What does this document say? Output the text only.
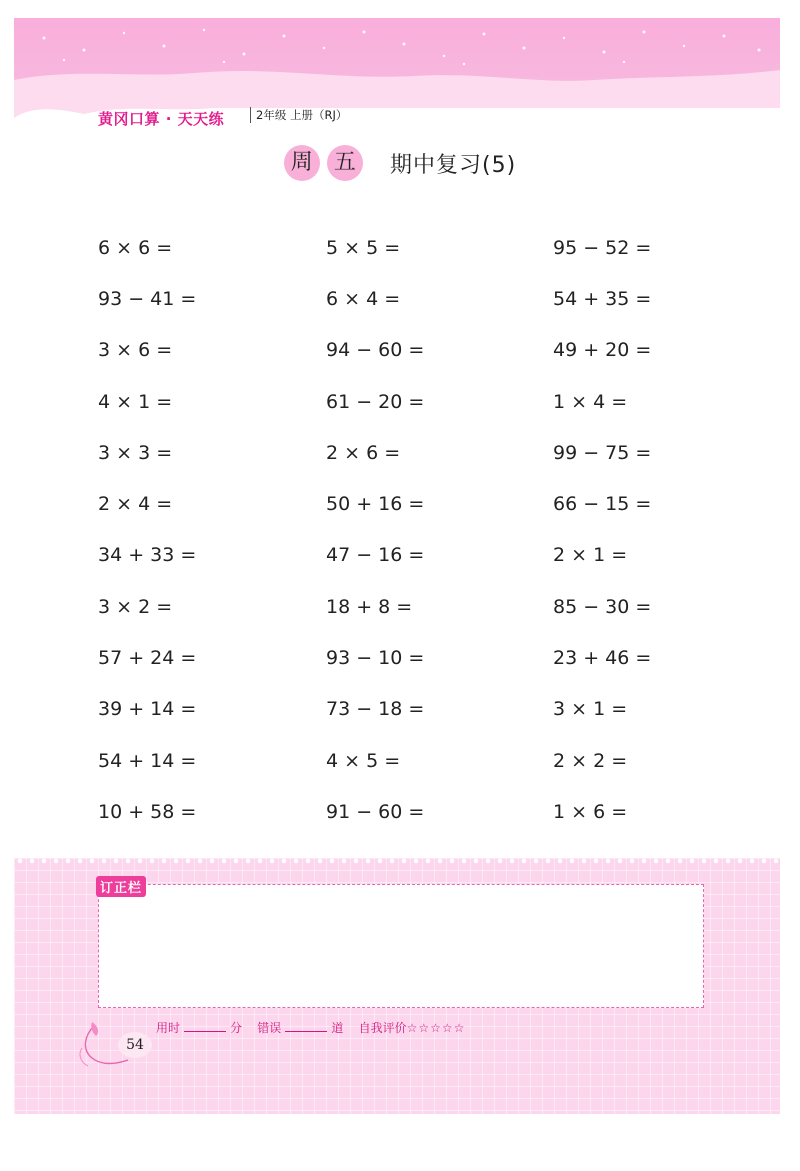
黄冈口算 · 天天练	2年级 上册（RJ）
周 五 期中复习(5)
6 × 6 =	5 × 5 =	95 − 52 =
93 − 41 =	6 × 4 =	54 + 35 =
3 × 6 =	94 − 60 =	49 + 20 =
4 × 1 =	61 − 20 =	1 × 4 =
3 × 3 =	2 × 6 =	99 − 75 =
2 × 4 =	50 + 16 =	66 − 15 =
34 + 33 =	47 − 16 =	2 × 1 =
3 × 2 =	18 + 8 =	85 − 30 =
57 + 24 =	93 − 10 =	23 + 46 =
39 + 14 =	73 − 18 =	3 × 1 =
54 + 14 =	4 × 5 =	2 × 2 =
10 + 58 =	91 − 60 =	1 × 6 =
订正栏
54
用时	分 错误	道 自我评价☆☆☆☆☆
